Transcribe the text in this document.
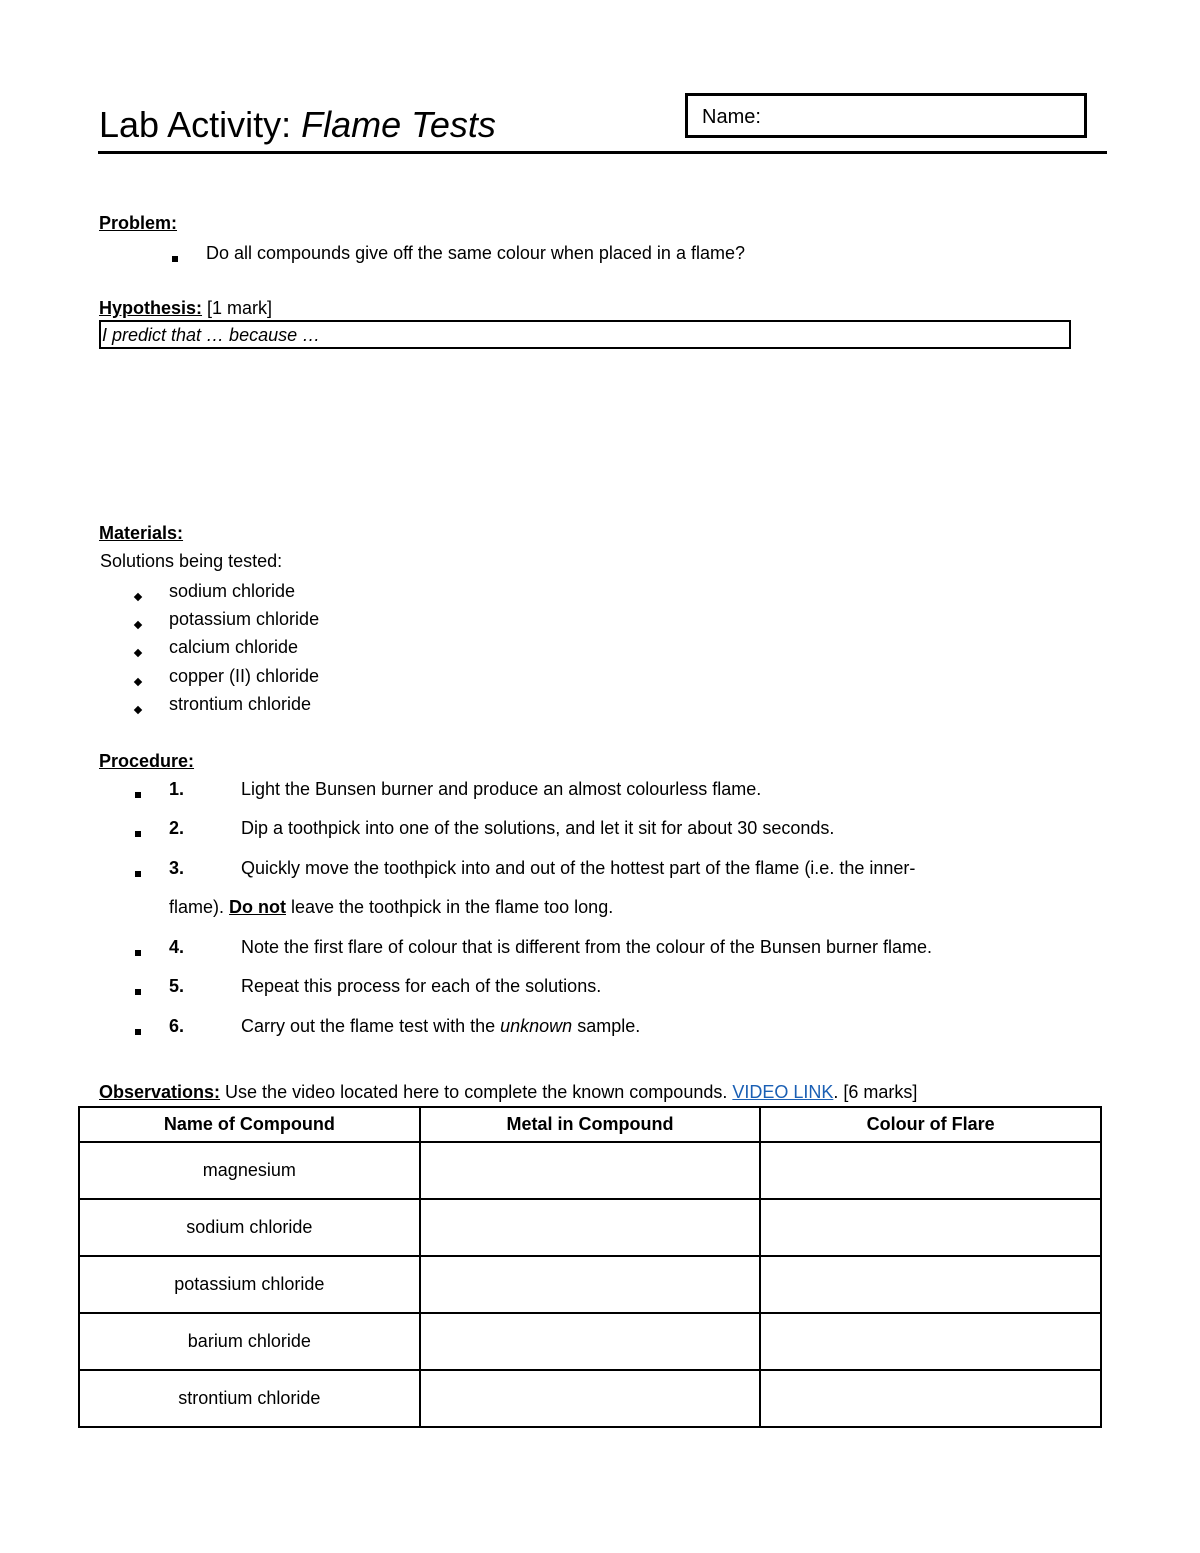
Lab Activity: Flame Tests	Name:
Problem:
Do all compounds give off the same colour when placed in a flame?
Hypothesis: [1 mark]
I predict that … because …
Materials:
Solutions being tested:
sodium chloride
potassium chloride
calcium chloride
copper (II) chloride
strontium chloride
Procedure:
1.	Light the Bunsen burner and produce an almost colourless flame.
2.	Dip a toothpick into one of the solutions, and let it sit for about 30 seconds.
3.	Quickly move the toothpick into and out of the hottest part of the flame (i.e. the inner-
flame). Do not leave the toothpick in the flame too long.
4.	Note the first flare of colour that is different from the colour of the Bunsen burner flame.
5.	Repeat this process for each of the solutions.
6.	Carry out the flame test with the unknown sample.
Observations: Use the video located here to complete the known compounds. VIDEO LINK. [6 marks]
Name of Compound	Metal in Compound	Colour of Flare
magnesium		
sodium chloride		
potassium chloride		
barium chloride		
strontium chloride		
